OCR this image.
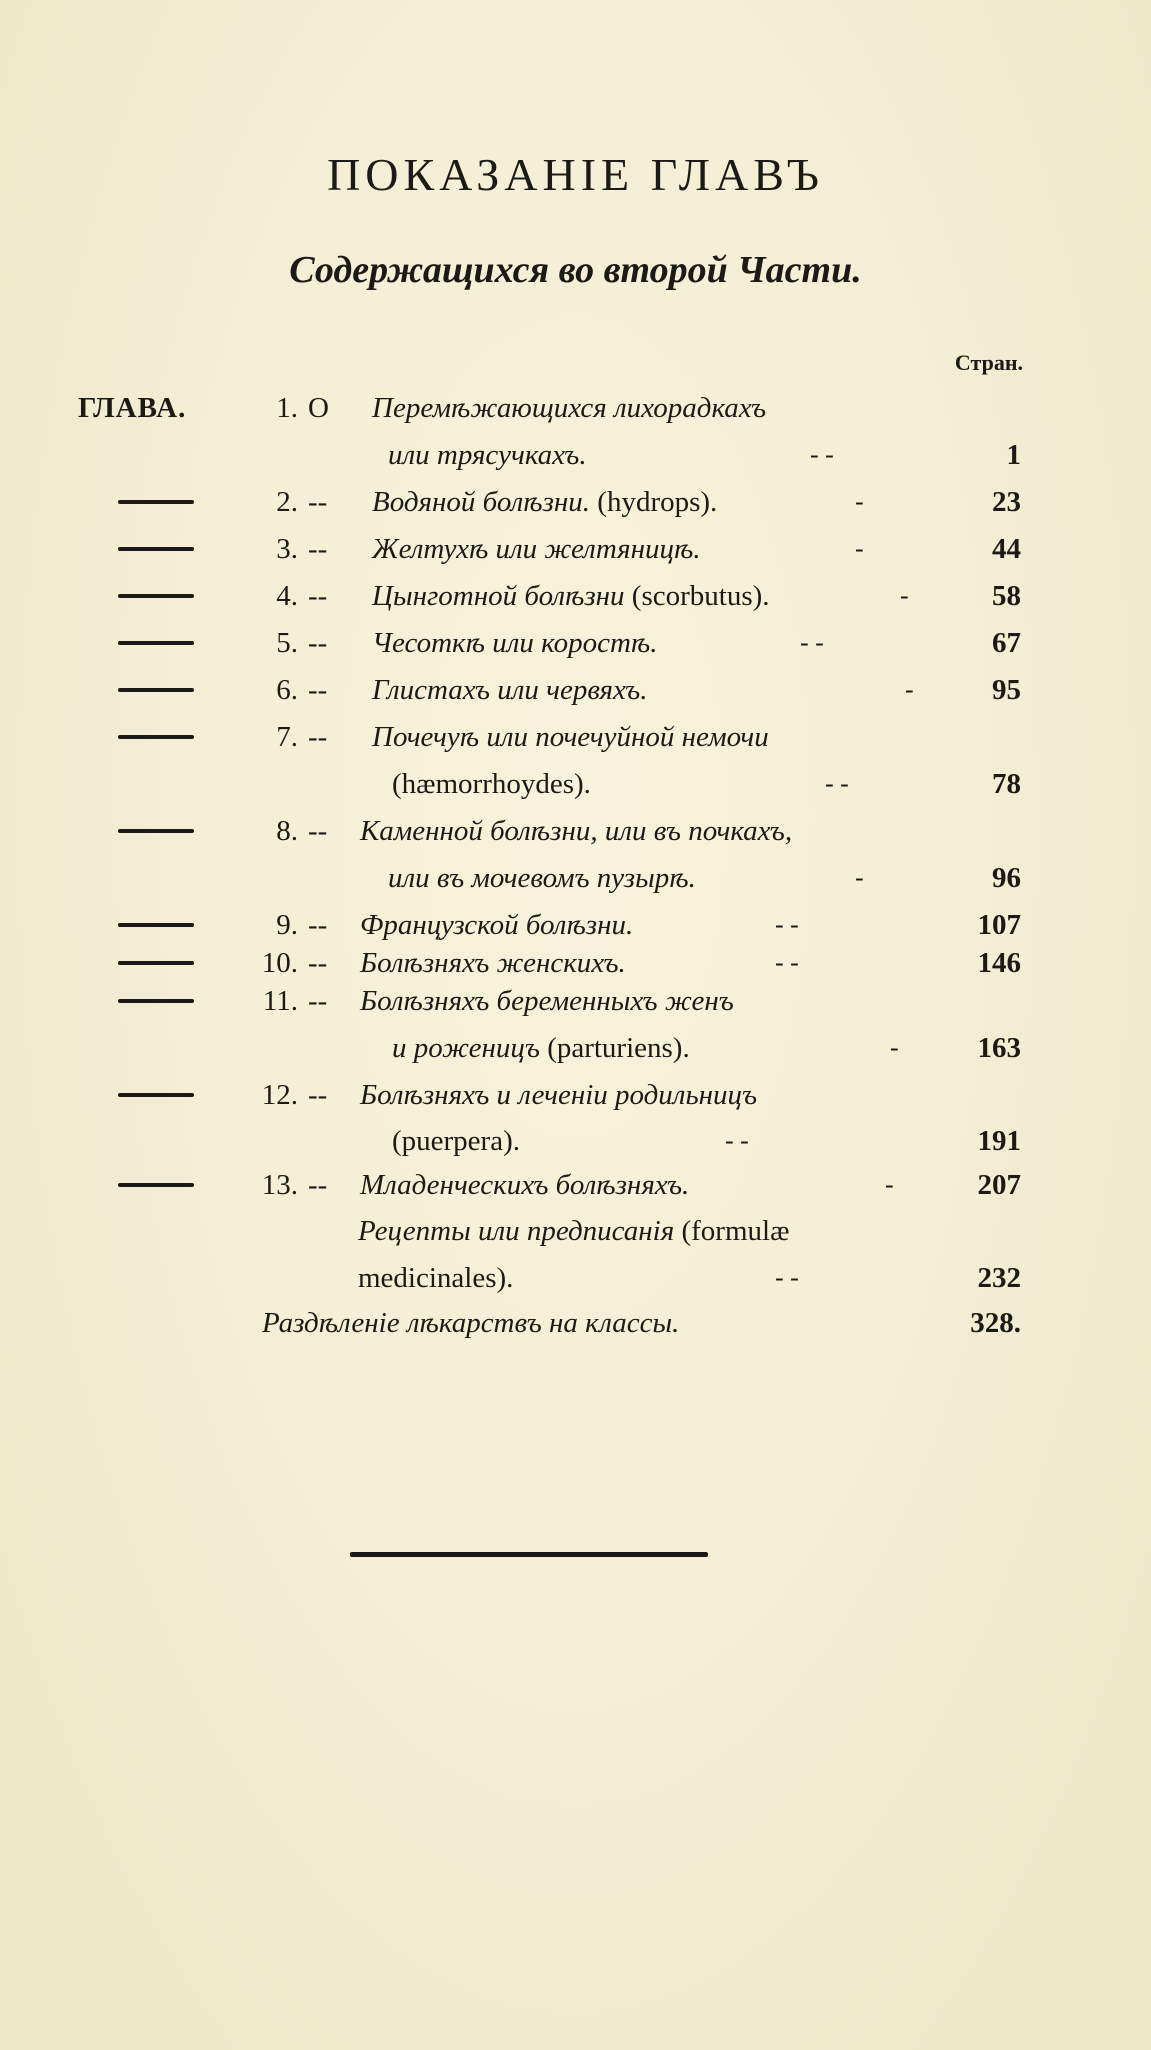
ПОКАЗАНІЕ ГЛАВЪ
Содержащихся во второй Части.
Стран.
ГЛАВА.	1. О Перемѣжающихся лихорадкахъ
или трясучкахъ.	- -	1
2. -- Водяной болѣзни. (hydrops).	-	23
3. -- Желтухѣ или желтяницѣ.	-	44
4. -- Цынготной болѣзни (scorbutus).	-	58
5. -- Чесоткѣ или коростѣ.	- -	67
6. -- Глистахъ или червяхъ.	-	95
7. -- Почечуѣ или почечуйной немочи
(hæmorrhoydes).	- -	78
8. -- Каменной болѣзни, или въ почкахъ,
или въ мочевомъ пузырѣ.	-	96
9. -- Французской болѣзни.	- -	107
10. -- Болѣзняхъ женскихъ.	- -	146
11. -- Болѣзняхъ беременныхъ женъ
и роженицъ (parturiens).	-	163
12. -- Болѣзняхъ и леченіи родильницъ
(puerpera).	- -	191
13. -- Младенческихъ болѣзняхъ.	-	207
Рецепты или предписанія (formulæ
medicinales).	- -	232
Раздѣленіе лѣкарствъ на классы.	328.
